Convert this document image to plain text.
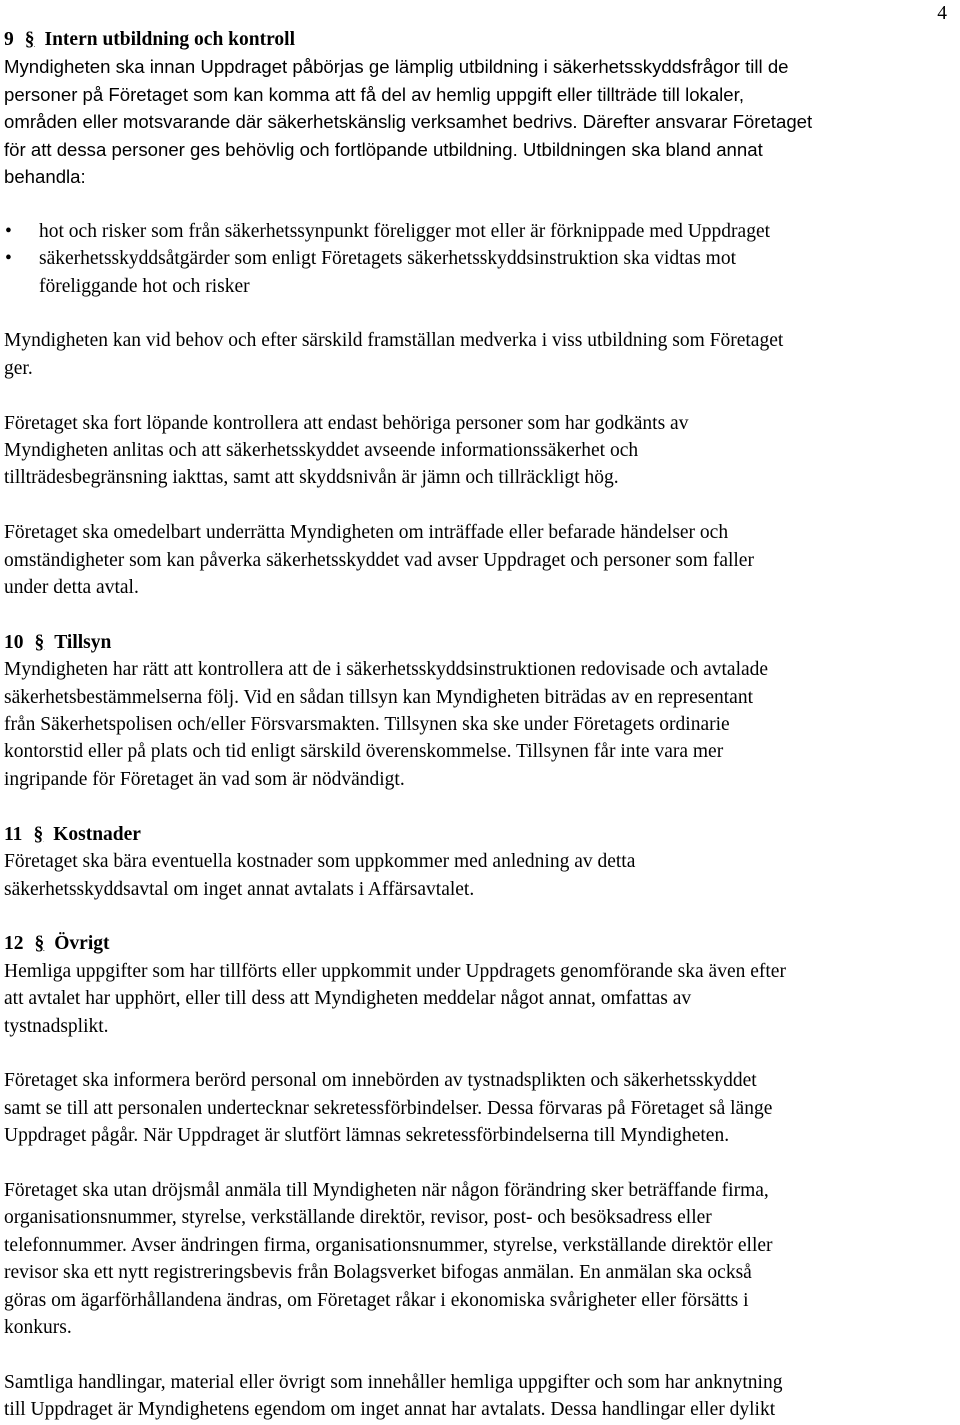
4

9 § Intern utbildning och kontroll

Myndigheten ska innan Uppdraget påbörjas ge lämplig utbildning i säkerhetsskyddsfrågor till de
personer på Företaget som kan komma att få del av hemlig uppgift eller tillträde till lokaler,
områden eller motsvarande där säkerhetskänslig verksamhet bedrivs. Därefter ansvarar Företaget
för att dessa personer ges behövlig och fortlöpande utbildning. Utbildningen ska bland annat
behandla:
• hot och risker som från säkerhetssynpunkt föreligger mot eller är förknippade med Uppdraget
• säkerhetsskyddsåtgärder som enligt Företagets säkerhetsskyddsinstruktion ska vidtas mot
föreliggande hot och risker
Myndigheten kan vid behov och efter särskild framställan medverka i viss utbildning som Företaget
ger.
Företaget ska fort löpande kontrollera att endast behöriga personer som har godkänts av
Myndigheten anlitas och att säkerhetsskyddet avseende informationssäkerhet och
tillträdesbegränsning iakttas, samt att skyddsnivån är jämn och tillräckligt hög.
Företaget ska omedelbart underrätta Myndigheten om inträffade eller befarade händelser och
omständigheter som kan påverka säkerhetsskyddet vad avser Uppdraget och personer som faller
under detta avtal.

10 § Tillsyn

Myndigheten har rätt att kontrollera att de i säkerhetsskyddsinstruktionen redovisade och avtalade
säkerhetsbestämmelserna följ. Vid en sådan tillsyn kan Myndigheten biträdas av en representant
från Säkerhetspolisen och/eller Försvarsmakten. Tillsynen ska ske under Företagets ordinarie
kontorstid eller på plats och tid enligt särskild överenskommelse. Tillsynen får inte vara mer
ingripande för Företaget än vad som är nödvändigt.

11 § Kostnader

Företaget ska bära eventuella kostnader som uppkommer med anledning av detta
säkerhetsskyddsavtal om inget annat avtalats i Affärsavtalet.

12 § Övrigt

Hemliga uppgifter som har tillförts eller uppkommit under Uppdragets genomförande ska även efter
att avtalet har upphört, eller till dess att Myndigheten meddelar något annat, omfattas av
tystnadsplikt.
Företaget ska informera berörd personal om innebörden av tystnadsplikten och säkerhetsskyddet
samt se till att personalen undertecknar sekretessförbindelser. Dessa förvaras på Företaget så länge
Uppdraget pågår. När Uppdraget är slutfört lämnas sekretessförbindelserna till Myndigheten.
Företaget ska utan dröjsmål anmäla till Myndigheten när någon förändring sker beträffande firma,
organisationsnummer, styrelse, verkställande direktör, revisor, post- och besöksadress eller
telefonnummer. Avser ändringen firma, organisationsnummer, styrelse, verkställande direktör eller
revisor ska ett nytt registreringsbevis från Bolagsverket bifogas anmälan. En anmälan ska också
göras om ägarförhållandena ändras, om Företaget råkar i ekonomiska svårigheter eller försätts i
konkurs.
Samtliga handlingar, material eller övrigt som innehåller hemliga uppgifter och som har anknytning
till Uppdraget är Myndighetens egendom om inget annat har avtalats. Dessa handlingar eller dylikt
